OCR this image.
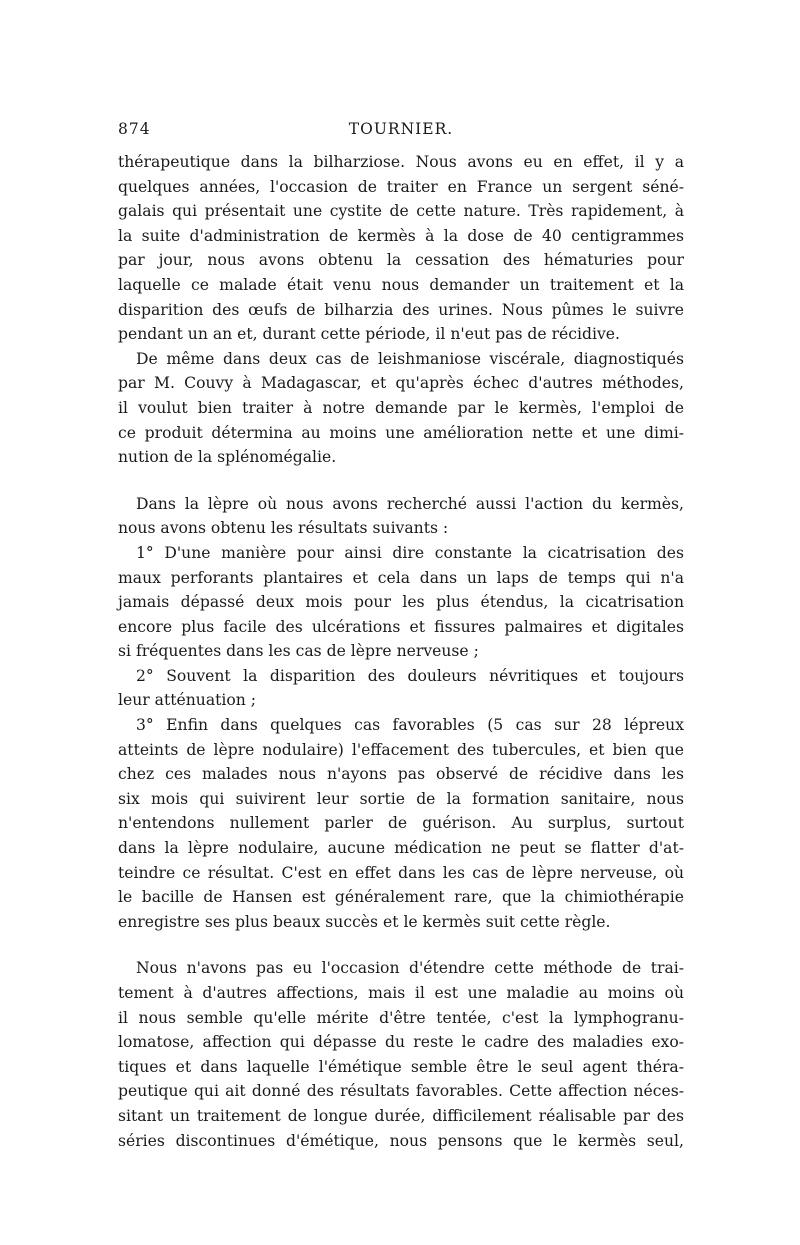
874	TOURNIER.
thérapeutique dans la bilharziose. Nous avons eu en effet, il y a
quelques années, l'occasion de traiter en France un sergent séné-
galais qui présentait une cystite de cette nature. Très rapidement, à
la suite d'administration de kermès à la dose de 40 centigrammes
par jour, nous avons obtenu la cessation des hématuries pour
laquelle ce malade était venu nous demander un traitement et la
disparition des œufs de bilharzia des urines. Nous pûmes le suivre
pendant un an et, durant cette période, il n'eut pas de récidive.
De même dans deux cas de leishmaniose viscérale, diagnostiqués
par M. Couvy à Madagascar, et qu'après échec d'autres méthodes,
il voulut bien traiter à notre demande par le kermès, l'emploi de
ce produit détermina au moins une amélioration nette et une dimi-
nution de la splénomégalie.
Dans la lèpre où nous avons recherché aussi l'action du kermès,
nous avons obtenu les résultats suivants :
1° D'une manière pour ainsi dire constante la cicatrisation des
maux perforants plantaires et cela dans un laps de temps qui n'a
jamais dépassé deux mois pour les plus étendus, la cicatrisation
encore plus facile des ulcérations et fissures palmaires et digitales
si fréquentes dans les cas de lèpre nerveuse ;
2° Souvent la disparition des douleurs névritiques et toujours
leur atténuation ;
3° Enfin dans quelques cas favorables (5 cas sur 28 lépreux
atteints de lèpre nodulaire) l'effacement des tubercules, et bien que
chez ces malades nous n'ayons pas observé de récidive dans les
six mois qui suivirent leur sortie de la formation sanitaire, nous
n'entendons nullement parler de guérison. Au surplus, surtout
dans la lèpre nodulaire, aucune médication ne peut se flatter d'at-
teindre ce résultat. C'est en effet dans les cas de lèpre nerveuse, où
le bacille de Hansen est généralement rare, que la chimiothérapie
enregistre ses plus beaux succès et le kermès suit cette règle.
Nous n'avons pas eu l'occasion d'étendre cette méthode de trai-
tement à d'autres affections, mais il est une maladie au moins où
il nous semble qu'elle mérite d'être tentée, c'est la lymphogranu-
lomatose, affection qui dépasse du reste le cadre des maladies exo-
tiques et dans laquelle l'émétique semble être le seul agent théra-
peutique qui ait donné des résultats favorables. Cette affection néces-
sitant un traitement de longue durée, difficilement réalisable par des
séries discontinues d'émétique, nous pensons que le kermès seul,
